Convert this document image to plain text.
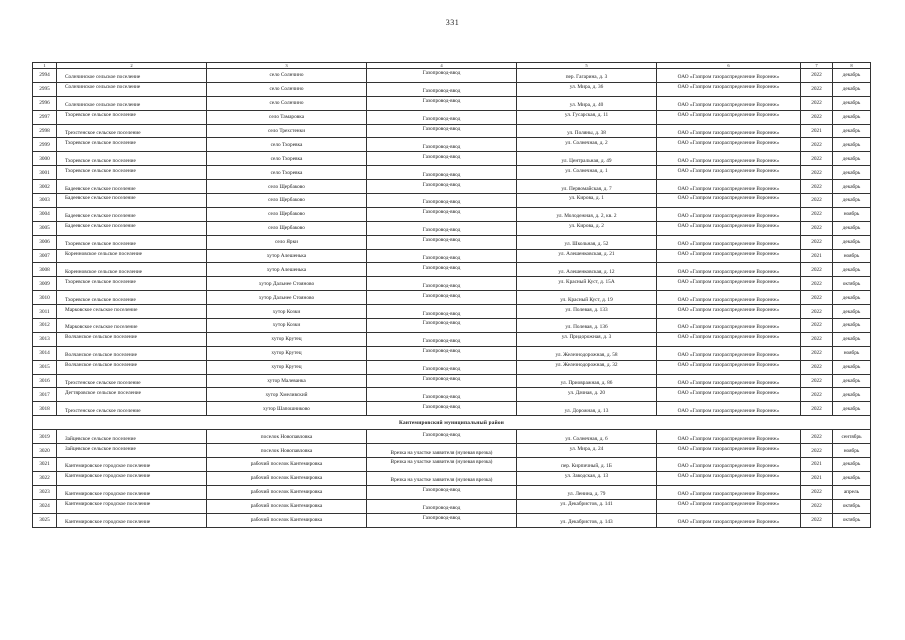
331
1	2	3	4	5	6	7	8
2994	Солнчинское сельское поселение	село Солнчино	Газопровод-ввод	пер. Гагарина, д. 3	ОАО «Газпром газораспределение Воронеж»	2022	декабрь
2995	Солнчинское сельское поселение	село Солнчино	Газопровод-ввод	ул. Мира, д. 36	ОАО «Газпром газораспределение Воронеж»	2022	декабрь
2996	Солнчинское сельское поселение	село Солнчино	Газопровод-ввод	ул. Мира, д. 40	ОАО «Газпром газораспределение Воронеж»	2022	декабрь
2997	Тхоревское сельское поселение	село Тамаровка	Газопровод-ввод	ул. Гусарская, д. 11	ОАО «Газпром газораспределение Воронеж»	2022	декабрь
2998	Трехстенское сельское поселение	село Трехстенки	Газопровод-ввод	ул. Поляны, д. 38	ОАО «Газпром газораспределение Воронеж»	2021	декабрь
2999	Тхоревское сельское поселение	село Тхоревка	Газопровод-ввод	ул. Солнечная, д. 2	ОАО «Газпром газораспределение Воронеж»	2022	декабрь
3000	Тхоревское сельское поселение	село Тхоревка	Газопровод-ввод	ул. Центральная, д. 49	ОАО «Газпром газораспределение Воронеж»	2022	декабрь
3001	Тхоревское сельское поселение	село Тхоревка	Газопровод-ввод	ул. Солнечная, д. 1	ОАО «Газпром газораспределение Воронеж»	2022	декабрь
3002	Бадеевское сельское поселение	село Щербаково	Газопровод-ввод	ул. Первомайская, д. 7	ОАО «Газпром газораспределение Воронеж»	2022	декабрь
3003	Бадеевское сельское поселение	село Щербаково	Газопровод-ввод	ул. Кирова, д. 1	ОАО «Газпром газораспределение Воронеж»	2022	декабрь
3004	Бадеевское сельское поселение	село Щербаково	Газопровод-ввод	ул. Молодежная, д. 2, кв. 2	ОАО «Газпром газораспределение Воронеж»	2022	ноябрь
3005	Бадеевское сельское поселение	село Щербаково	Газопровод-ввод	ул. Кирова, д. 2	ОАО «Газпром газораспределение Воронеж»	2022	декабрь
3006	Тхоревское сельское поселение	село Ярки	Газопровод-ввод	ул. Школьная, д. 52	ОАО «Газпром газораспределение Воронеж»	2022	декабрь
3007	Коренновское сельское поселение	хутор Алешенька	Газопровод-ввод	ул. Алешенковская, д. 21	ОАО «Газпром газораспределение Воронеж»	2021	ноябрь
3008	Коренновское сельское поселение	хутор Алешенька	Газопровод-ввод	ул. Алешенковская, д. 12	ОАО «Газпром газораспределение Воронеж»	2022	декабрь
3009	Тхоревское сельское поселение	хутор Дальнее Стояново	Газопровод-ввод	ул. Красный Куст, д. 15А	ОАО «Газпром газораспределение Воронеж»	2022	октябрь
3010	Тхоревское сельское поселение	хутор Дальнее Стояново	Газопровод-ввод	ул. Красный Куст, д. 19	ОАО «Газпром газораспределение Воронеж»	2022	декабрь
3011	Марковское сельское поселение	хутор Козки	Газопровод-ввод	ул. Полевая, д. 133	ОАО «Газпром газораспределение Воронеж»	2022	декабрь
3012	Марковское сельское поселение	хутор Козки	Газопровод-ввод	ул. Полевая, д. 136	ОАО «Газпром газораспределение Воронеж»	2022	декабрь
3013	Волчанское сельское поселение	хутор Крутец	Газопровод-ввод	ул. Придорожная, д. 3	ОАО «Газпром газораспределение Воронеж»	2022	декабрь
3014	Волчанское сельское поселение	хутор Крутец	Газопровод-ввод	ул. Железнодорожная, д. 58	ОАО «Газпром газораспределение Воронеж»	2022	ноябрь
3015	Волчанское сельское поселение	хутор Крутец	Газопровод-ввод	ул. Железнодорожная, д. 32	ОАО «Газпром газораспределение Воронеж»	2022	декабрь
3016	Трехстенское сельское поселение	хутор Малеванка	Газопровод-ввод	ул. Приовражная, д. 86	ОАО «Газпром газораспределение Воронеж»	2022	декабрь
3017	Дегтяровское сельское поселение	хутор Хмеливский	Газопровод-ввод	ул. Дачная, д. 20	ОАО «Газпром газораспределение Воронеж»	2022	декабрь
3018	Трехстенское сельское поселение	хутор Шапошниково	Газопровод-ввод	ул. Дорожная, д. 13	ОАО «Газпром газораспределение Воронеж»	2022	декабрь
Кантемировский муниципальный район							
3019	Зайцевское сельское поселение	поселок Новопавловка	Газопровод-ввод	ул. Солнечная, д. 6	ОАО «Газпром газораспределение Воронеж»	2022	сентябрь
3020	Зайцевское сельское поселение	поселок Новопавловка	Врезка на участке заявителя (нулевая врезка)	ул. Мира, д. 24	ОАО «Газпром газораспределение Воронеж»	2022	ноябрь
3021	Кантемировское городское поселение	рабочий поселок Кантемировка	Врезка на участке заявителя (нулевая врезка)	пер. Кирпичный, д. 1Б	ОАО «Газпром газораспределение Воронеж»	2021	декабрь
3022	Кантемировское городское поселение	рабочий поселок Кантемировка	Врезка на участке заявителя (нулевая врезка)	ул. Заводская, д. 13	ОАО «Газпром газораспределение Воронеж»	2021	декабрь
3023	Кантемировское городское поселение	рабочий поселок Кантемировка	Газопровод-ввод	ул. Ленина, д. 79	ОАО «Газпром газораспределение Воронеж»	2022	апрель
3024	Кантемировское городское поселение	рабочий поселок Кантемировка	Газопровод-ввод	ул. Декабристов, д. 141	ОАО «Газпром газораспределение Воронеж»	2022	октябрь
3025	Кантемировское городское поселение	рабочий поселок Кантемировка	Газопровод-ввод	ул. Декабристов, д. 143	ОАО «Газпром газораспределение Воронеж»	2022	октябрь
